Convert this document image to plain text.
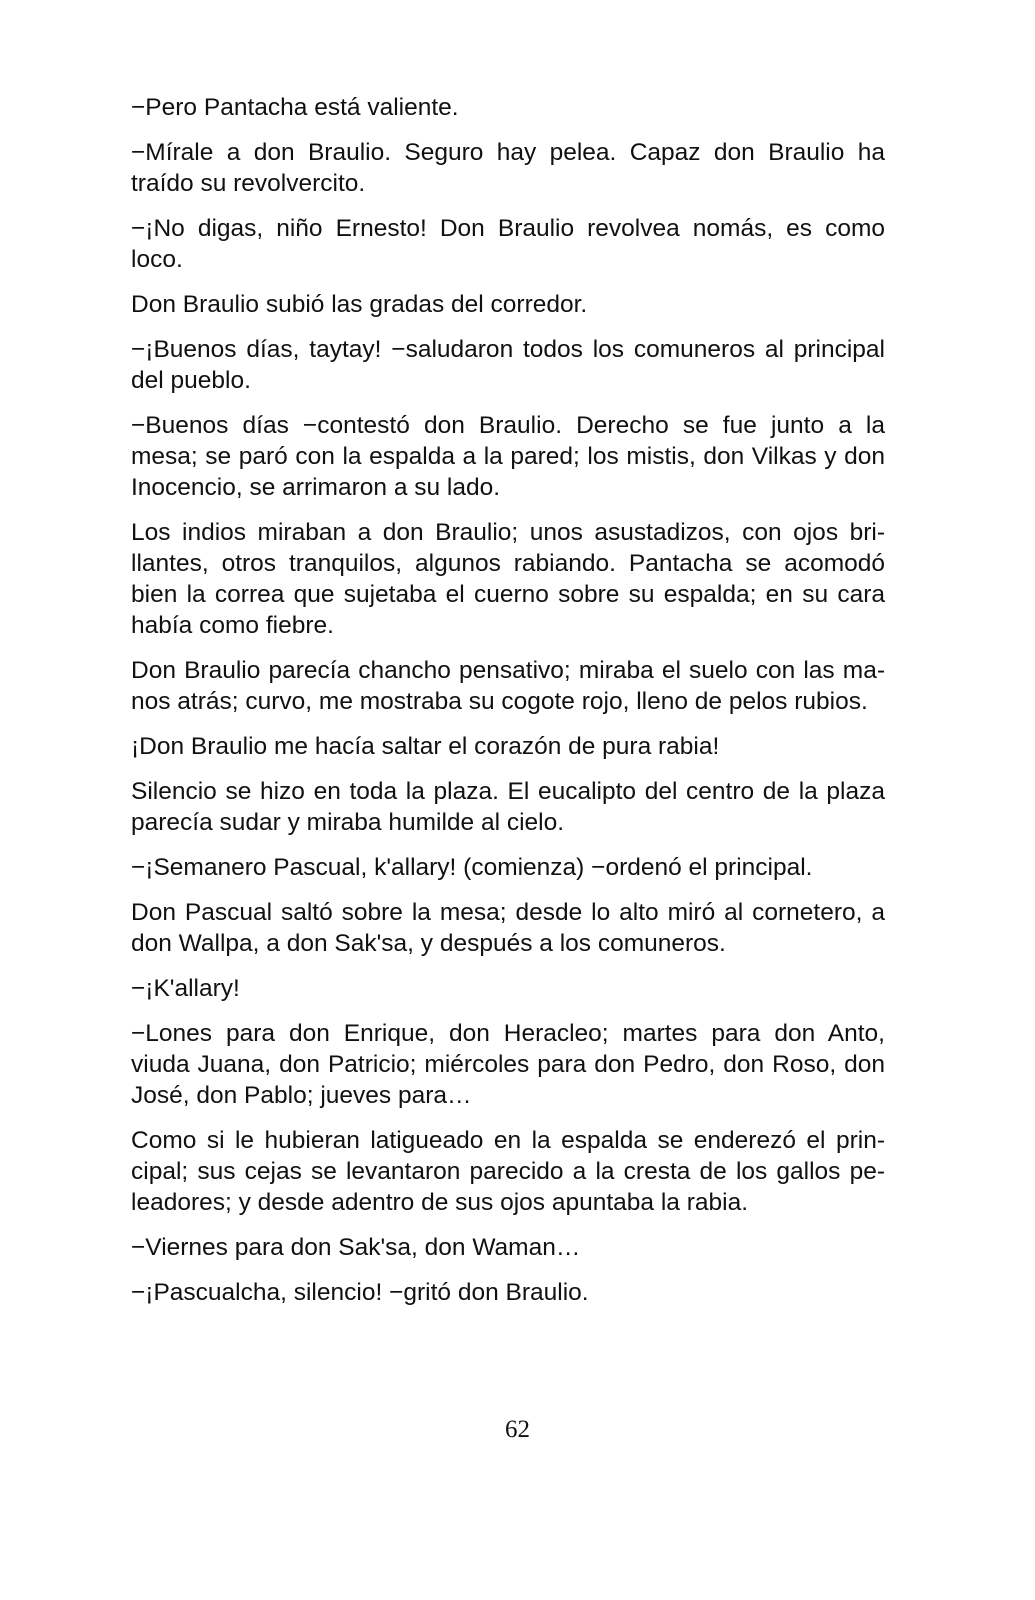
−Pero Pantacha está valiente.

−Mírale a don Braulio. Seguro hay pelea. Capaz don Braulio ha traído su revolvercito.

−¡No digas, niño Ernesto! Don Braulio revolvea nomás, es como loco.

Don Braulio subió las gradas del corredor.

−¡Buenos días, taytay! −saludaron todos los comuneros al principal del pueblo.

−Buenos días −contestó don Braulio. Derecho se fue junto a la mesa; se paró con la espalda a la pared; los mistis, don Vilkas y don Inocencio, se arrimaron a su lado.

Los indios miraban a don Braulio; unos asustadizos, con ojos brillantes, otros tranquilos, algunos rabiando. Pantacha se acomodó bien la correa que sujetaba el cuerno sobre su espalda; en su cara había como fiebre.

Don Braulio parecía chancho pensativo; miraba el suelo con las manos atrás; curvo, me mostraba su cogote rojo, lleno de pelos rubios.

¡Don Braulio me hacía saltar el corazón de pura rabia!

Silencio se hizo en toda la plaza. El eucalipto del centro de la plaza parecía sudar y miraba humilde al cielo.

−¡Semanero Pascual, k'allary! (comienza) −ordenó el principal.

Don Pascual saltó sobre la mesa; desde lo alto miró al cornetero, a don Wallpa, a don Sak'sa, y después a los comuneros.

−¡K'allary!

−Lones para don Enrique, don Heracleo; martes para don Anto, viuda Juana, don Patricio; miércoles para don Pedro, don Roso, don José, don Pablo; jueves para…

Como si le hubieran latigueado en la espalda se enderezó el principal; sus cejas se levantaron parecido a la cresta de los gallos peleadores; y desde adentro de sus ojos apuntaba la rabia.

−Viernes para don Sak'sa, don Waman…

−¡Pascualcha, silencio! −gritó don Braulio.

62
